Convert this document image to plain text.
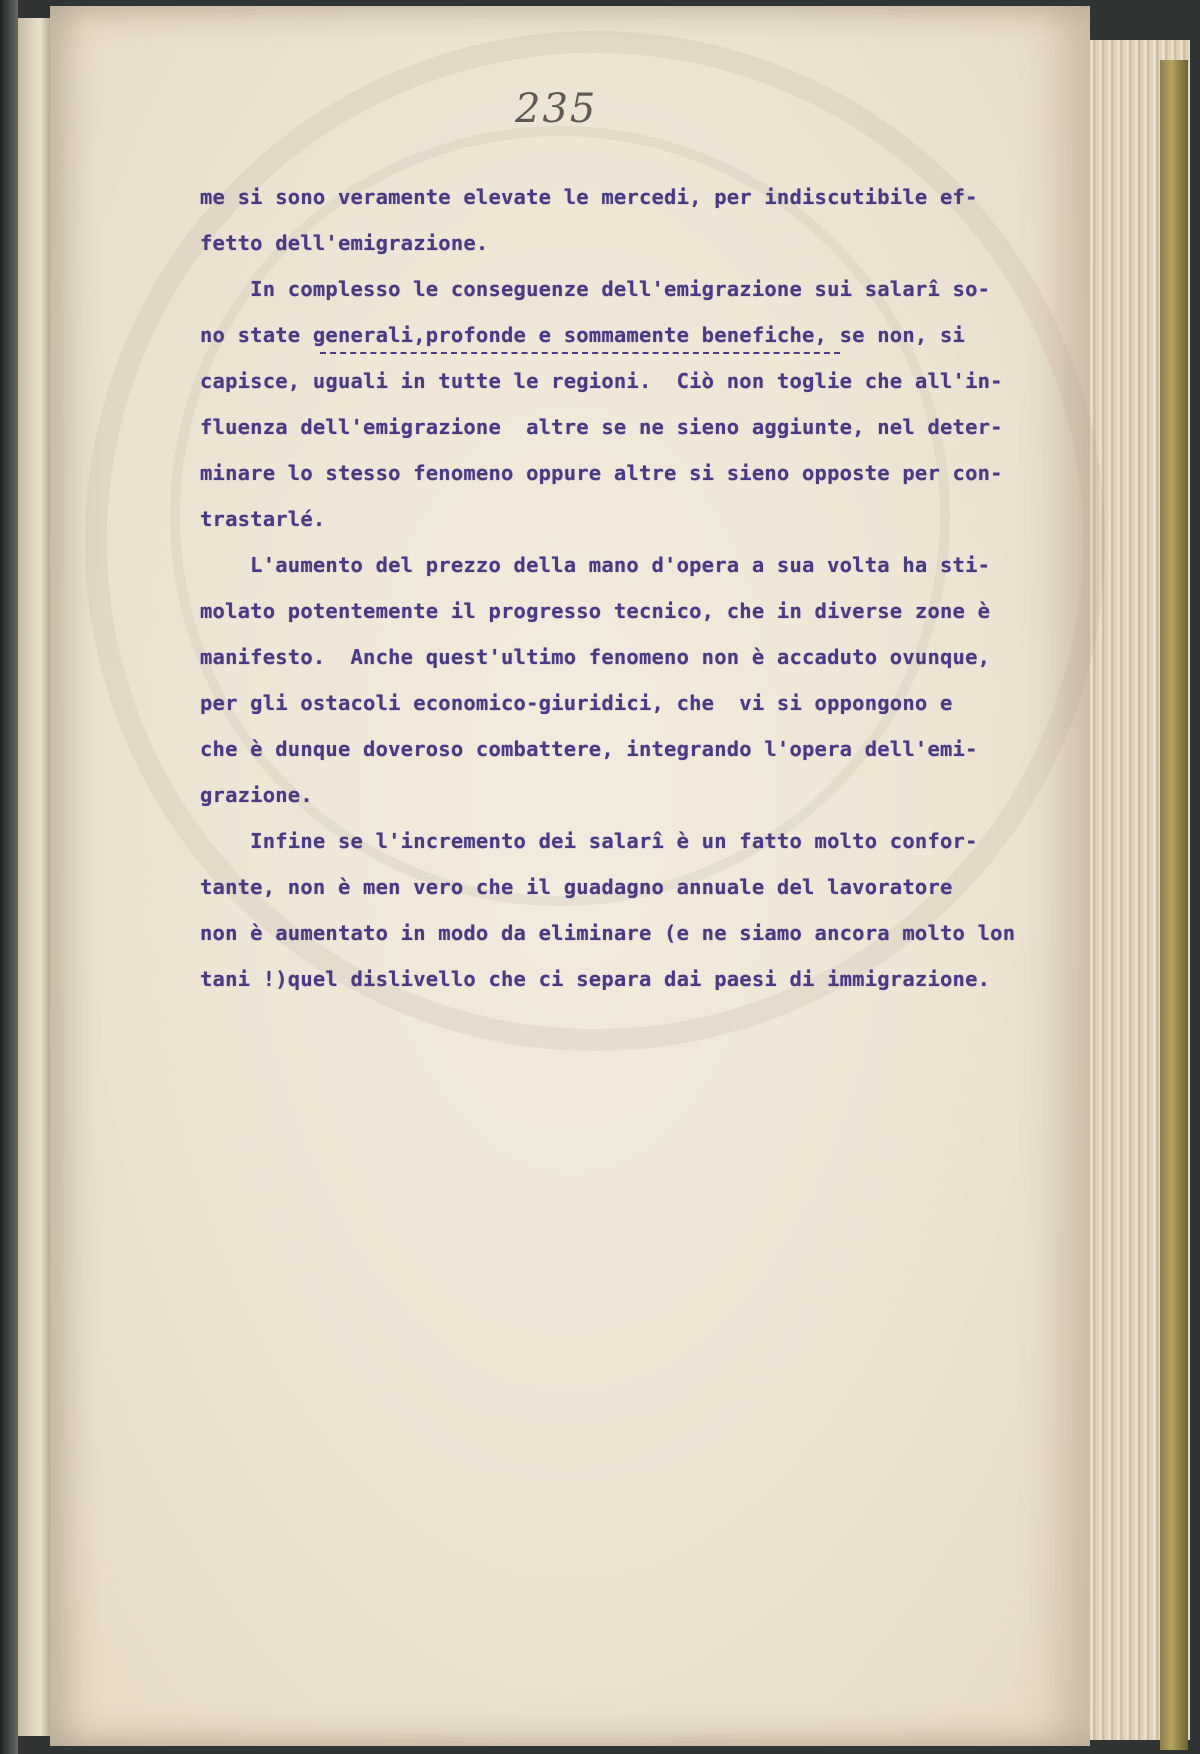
235
me si sono veramente elevate le mercedi, per indiscutibile ef-
fetto dell'emigrazione.
In complesso le conseguenze dell'emigrazione sui salarî so-
no state generali,profonde e sommamente benefiche, se non, si
capisce, uguali in tutte le regioni.  Ciò non toglie che all'in-
fluenza dell'emigrazione  altre se ne sieno aggiunte, nel deter-
minare lo stesso fenomeno oppure altre si sieno opposte per con-
trastarlé.
L'aumento del prezzo della mano d'opera a sua volta ha sti-
molato potentemente il progresso tecnico, che in diverse zone è
manifesto.  Anche quest'ultimo fenomeno non è accaduto ovunque,
per gli ostacoli economico-giuridici, che  vi si oppongono e
che è dunque doveroso combattere, integrando l'opera dell'emi-
grazione.
Infine se l'incremento dei salarî è un fatto molto confor-
tante, non è men vero che il guadagno annuale del lavoratore
non è aumentato in modo da eliminare (e ne siamo ancora molto lon
tani !)quel dislivello che ci separa dai paesi di immigrazione.
